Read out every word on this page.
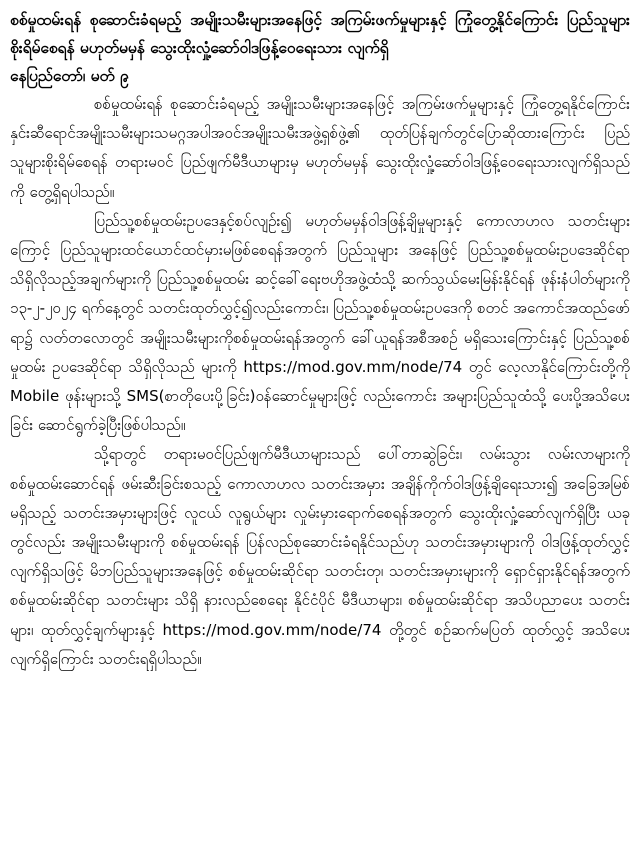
စစ်မှုထမ်းရန် စုဆောင်းခံရမည့် အမျိုးသမီးများအနေဖြင့် အကြမ်းဖက်မှုများနှင့် ကြုံတွေ့နိုင်ကြောင်း ပြည်သူများစိုးရိမ်စေရန် မဟုတ်မမှန် သွေးထိုးလှုံ့ဆော်ဝါဒဖြန့်ဝေရေးသား လျက်ရှိ

နေပြည်တော်၊ မတ် ၉

စစ်မှုထမ်းရန် စုဆောင်းခံရမည့် အမျိုးသမီးများအနေဖြင့် အကြမ်းဖက်မှုများနှင့် ကြုံတွေ့ရနိုင်ကြောင်း နှင်းဆီရောင်အမျိုးသမီးများသမဂ္ဂအပါအဝင်အမျိုးသမီးအဖွဲ့ရှစ်ဖွဲ့၏ ထုတ်ပြန်ချက်တွင်ပြောဆိုထားကြောင်း ပြည်သူများစိုးရိမ်စေရန် တရားမဝင် ပြည်ဖျက်မီဒီယာများမှ မဟုတ်မမှန် သွေးထိုးလှုံ့ဆော်ဝါဒဖြန့်ဝေရေးသားလျက်ရှိသည်ကို တွေ့ရှိရပါသည်။

ပြည်သူ့စစ်မှုထမ်းဥပဒေနှင့်စပ်လျဉ်း၍ မဟုတ်မမှန်ဝါဒဖြန့်ချိမှုများနှင့် ကောလာဟလ သတင်းများကြောင့် ပြည်သူများထင်ယောင်ထင်မှားမဖြစ်စေရန်အတွက် ပြည်သူများ အနေဖြင့် ပြည်သူ့စစ်မှုထမ်းဥပဒေဆိုင်ရာ သိရှိလိုသည့်အချက်များကို ပြည်သူ့စစ်မှုထမ်း ဆင့်ခေါ်ရေးဗဟိုအဖွဲ့ထံသို့ ဆက်သွယ်မေးမြန်းနိုင်ရန် ဖုန်းနံပါတ်များကို ၁၃-၂-၂၀၂၄ ရက်နေ့တွင် သတင်းထုတ်လွှင့်၍လည်းကောင်း၊ ပြည်သူ့စစ်မှုထမ်းဥပဒေကို စတင် အကောင်အထည်ဖော်ရာ၌ လတ်တလောတွင် အမျိုးသမီးများကိုစစ်မှုထမ်းရန်အတွက် ခေါ်ယူရန်အစီအစဉ် မရှိသေးကြောင်းနှင့် ပြည်သူ့စစ်မှုထမ်း ဥပဒေဆိုင်ရာ သိရှိလိုသည် များကို https://mod.gov.mm/node/74 တွင် လေ့လာနိုင်ကြောင်းတို့ကို Mobile ဖုန်းများသို့ SMS(စာတိုပေးပို့ခြင်း)ဝန်ဆောင်မှုများဖြင့် လည်းကောင်း အများပြည်သူထံသို့ ပေးပို့အသိပေးခြင်း ဆောင်ရွက်ခဲ့ပြီးဖြစ်ပါသည်။

သို့ရာတွင် တရားမဝင်ပြည်ဖျက်မီဒီယာများသည် ပေါ်တာဆွဲခြင်း၊ လမ်းသွား လမ်းလာများကို စစ်မှုထမ်းဆောင်ရန် ဖမ်းဆီးခြင်းစသည့် ကောလာဟလ သတင်းအမှား အချိန်ကိုက်ဝါဒဖြန့်ချိရေးသား၍ အခြေအမြစ်မရှိသည့် သတင်းအမှားများဖြင့် လူငယ် လူရွယ်များ လှုမ်းမှားရောက်စေရန်အတွက် သွေးထိုးလှုံ့ဆော်လျက်ရှိပြီး ယခုတွင်လည်း အမျိုးသမီးများကို စစ်မှုထမ်းရန် ပြန်လည်စုဆောင်းခံရနိုင်သည်ဟု သတင်းအမှားများကို ဝါဒဖြန့်ထုတ်လွှင့်လျက်ရှိသဖြင့် မိဘပြည်သူများအနေဖြင့် စစ်မှုထမ်းဆိုင်ရာ သတင်းတု၊ သတင်းအမှားများကို ရှောင်ရှားနိုင်ရန်အတွက် စစ်မှုထမ်းဆိုင်ရာ သတင်းများ သိရှိ နားလည်စေရေး နိုင်ငံပိုင် မီဒီယာများ၊ စစ်မှုထမ်းဆိုင်ရာ အသိပညာပေး သတင်းများ၊ ထုတ်လွှင့်ချက်များနှင့် https://mod.gov.mm/node/74 တို့တွင် စဉ်ဆက်မပြတ် ထုတ်လွှင့် အသိပေးလျက်ရှိကြောင်း သတင်းရရှိပါသည်။
